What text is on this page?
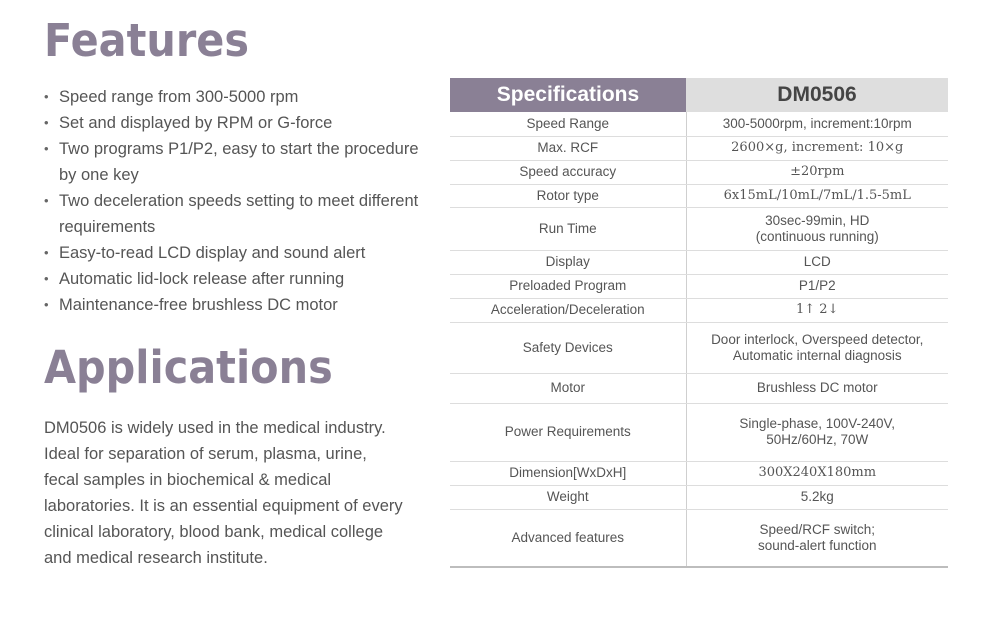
Features
• Speed range from 300-5000 rpm
• Set and displayed by RPM or G-force
• Two programs P1/P2, easy to start the procedure by one key
• Two deceleration speeds setting to meet different requirements
• Easy-to-read LCD display and sound alert
• Automatic lid-lock release after running
• Maintenance-free brushless DC motor
Applications

DM0506 is widely used in the medical industry. Ideal for separation of serum, plasma, urine, fecal samples in biochemical & medical laboratories. It is an essential equipment of every clinical laboratory, blood bank, medical college and medical research institute.

Specifications	DM0506
Speed Range	300-5000rpm, increment:10rpm
Max. RCF	2600×g, increment: 10×g
Speed accuracy	±20rpm
Rotor type	6x15mL/10mL/7mL/1.5-5mL
Run Time	30sec-99min, HD
(continuous running)

Display	LCD
Preloaded Program	P1/P2
Acceleration/Deceleration	1↑ 2↓
Safety Devices	Door interlock, Overspeed detector,
Automatic internal diagnosis

Motor	Brushless DC motor
Power Requirements	Single-phase, 100V-240V,
50Hz/60Hz, 70W

Dimension[WxDxH]	300X240X180mm
Weight	5.2kg
Advanced features	Speed/RCF switch;
sound-alert function
